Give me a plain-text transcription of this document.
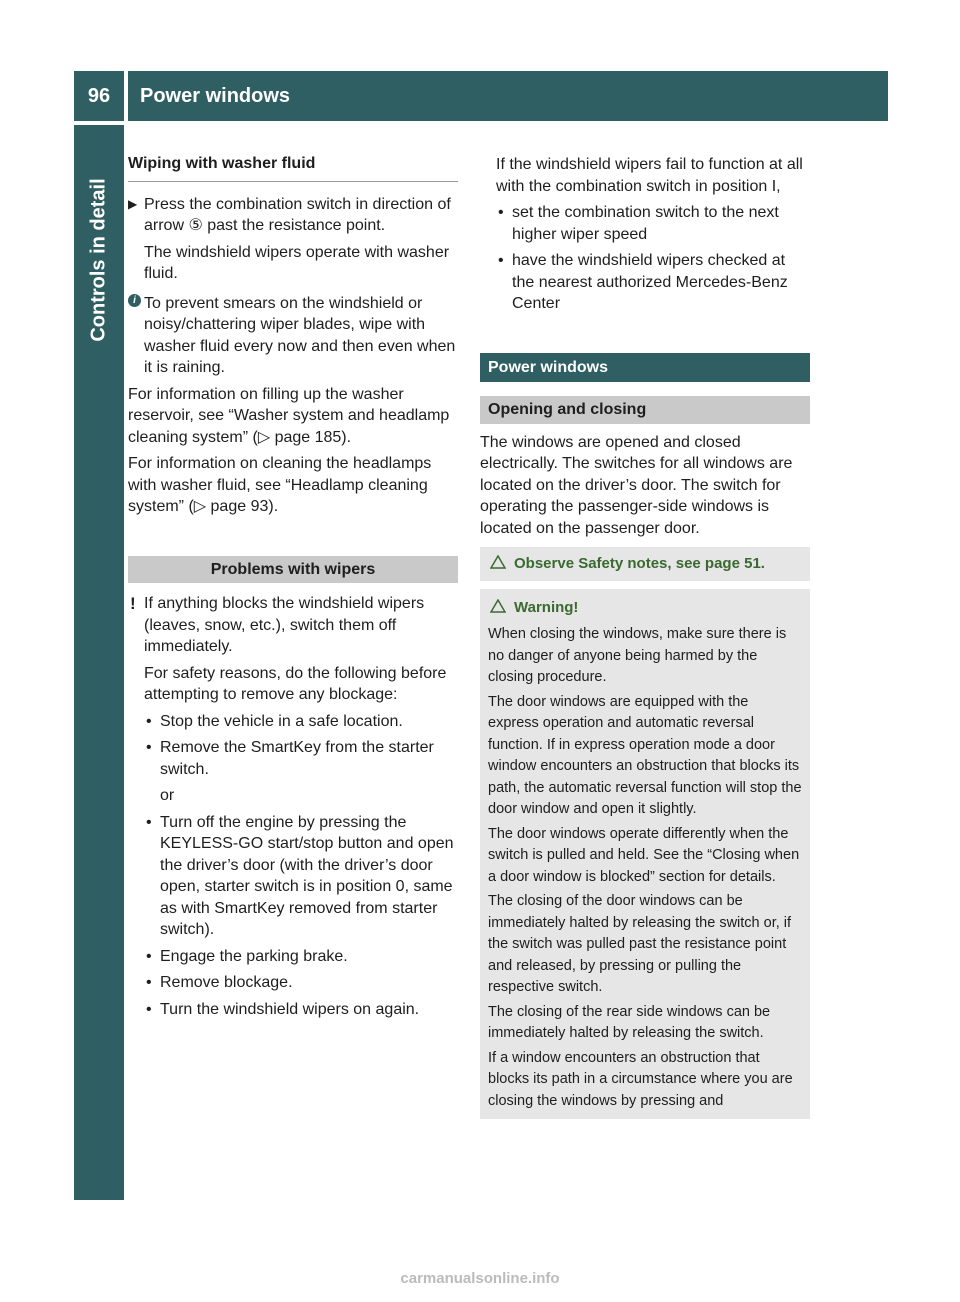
96	Power windows
Controls in detail
Wiping with washer fluid

▶ Press the combination switch in direction of arrow ⑤ past the resistance point.

The windshield wipers operate with washer fluid.

i To prevent smears on the windshield or noisy/chattering wiper blades, wipe with washer fluid every now and then even when it is raining.

For information on filling up the washer reservoir, see “Washer system and headlamp cleaning system” (▷ page 185).

For information on cleaning the headlamps with washer fluid, see “Headlamp cleaning system” (▷ page 93).

Problems with wipers

! If anything blocks the windshield wipers (leaves, snow, etc.), switch them off immediately.

For safety reasons, do the following before attempting to remove any blockage:

• Stop the vehicle in a safe location.

• Remove the SmartKey from the starter switch.

or

• Turn off the engine by pressing the KEYLESS-GO start/stop button and open the driver’s door (with the driver’s door open, starter switch is in position 0, same as with SmartKey removed from starter switch).

• Engage the parking brake.

• Remove blockage.

• Turn the windshield wipers on again.

If the windshield wipers fail to function at all with the combination switch in position I,

• set the combination switch to the next higher wiper speed

• have the windshield wipers checked at the nearest authorized Mercedes-Benz Center

Power windows
Opening and closing

The windows are opened and closed electrically. The switches for all windows are located on the driver’s door. The switch for operating the passenger-side windows is located on the passenger door.

Observe Safety notes, see page 51.
Warning!

When closing the windows, make sure there is no danger of anyone being harmed by the closing procedure.

The door windows are equipped with the express operation and automatic reversal function. If in express operation mode a door window encounters an obstruction that blocks its path, the automatic reversal function will stop the door window and open it slightly.

The door windows operate differently when the switch is pulled and held. See the “Closing when a door window is blocked” section for details.

The closing of the door windows can be immediately halted by releasing the switch or, if the switch was pulled past the resistance point and released, by pressing or pulling the respective switch.

The closing of the rear side windows can be immediately halted by releasing the switch.

If a window encounters an obstruction that blocks its path in a circumstance where you are closing the windows by pressing and

carmanualsonline.info
